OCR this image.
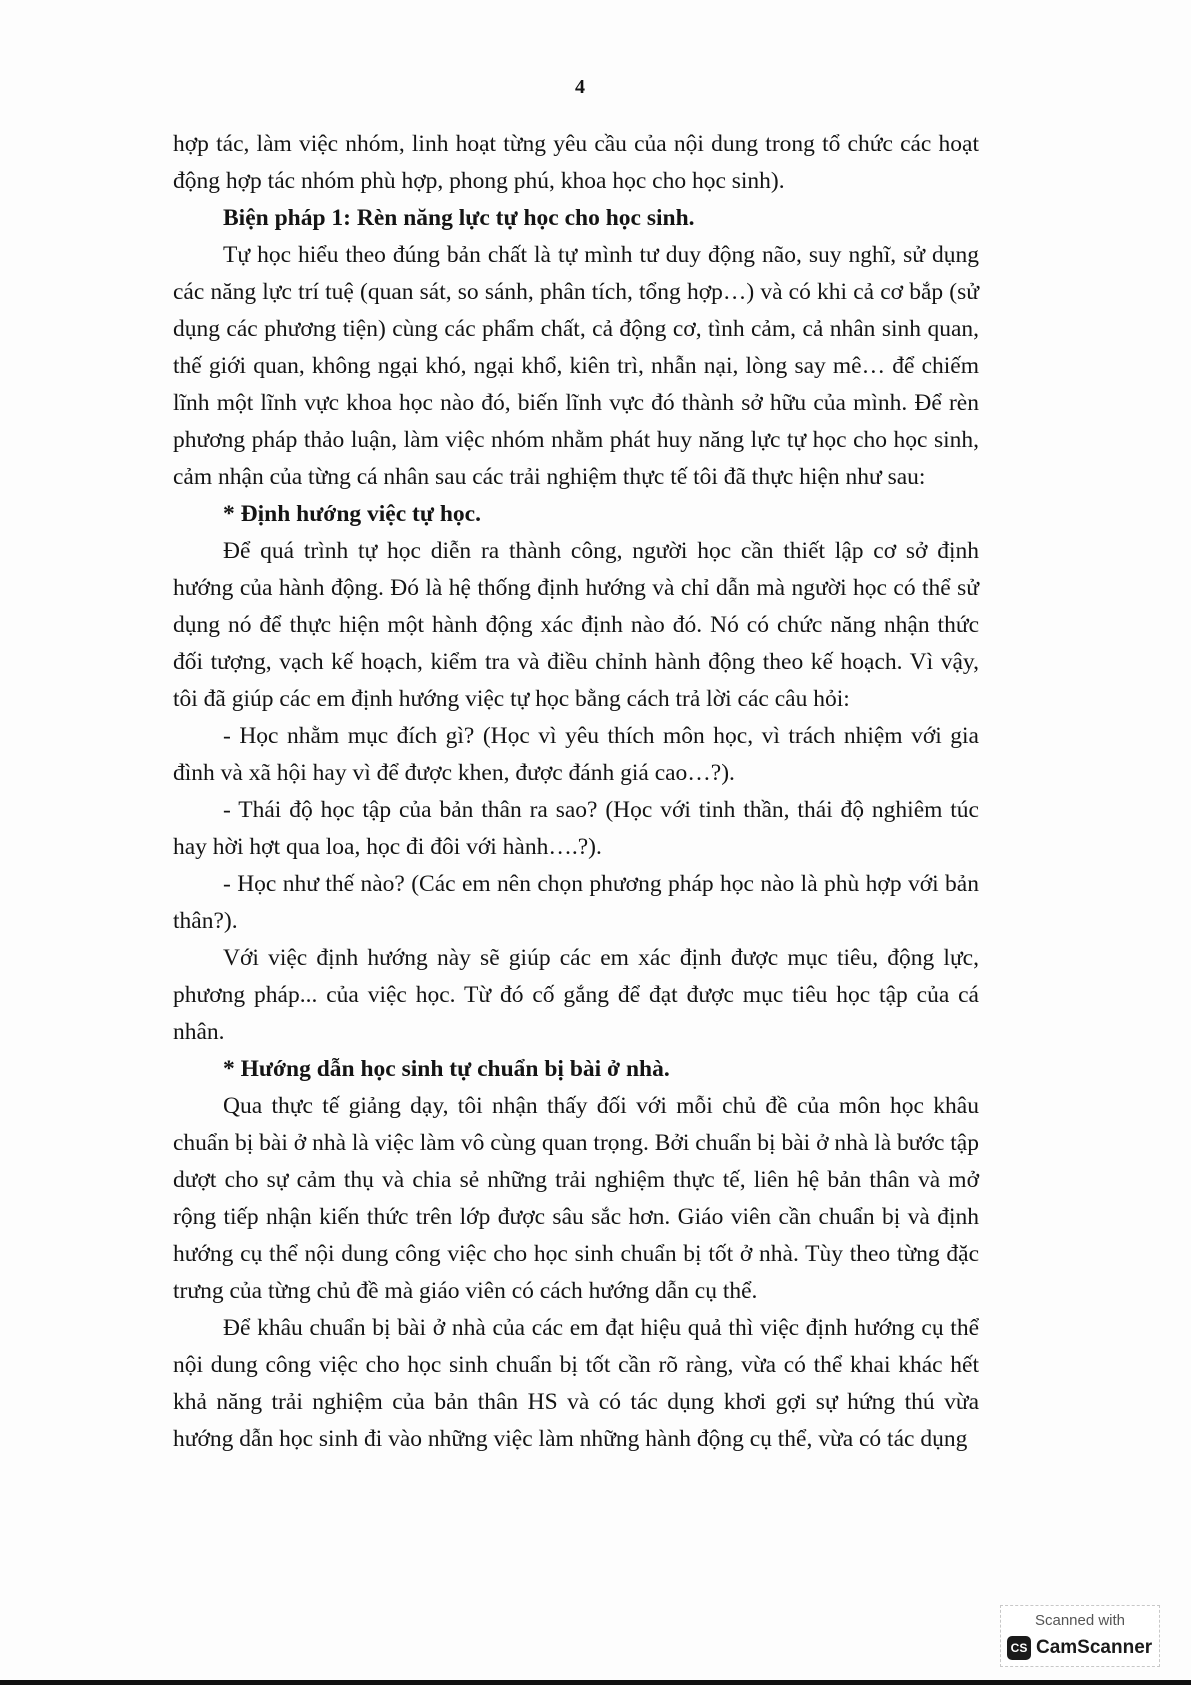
4

hợp tác, làm việc nhóm, linh hoạt từng yêu cầu của nội dung trong tổ chức các hoạt động hợp tác nhóm phù hợp, phong phú, khoa học cho học sinh).

Biện pháp 1: Rèn năng lực tự học cho học sinh.

Tự học hiểu theo đúng bản chất là tự mình tư duy động não, suy nghĩ, sử dụng các năng lực trí tuệ (quan sát, so sánh, phân tích, tổng hợp…) và có khi cả cơ bắp (sử dụng các phương tiện) cùng các phẩm chất, cả động cơ, tình cảm, cả nhân sinh quan, thế giới quan, không ngại khó, ngại khổ, kiên trì, nhẫn nại, lòng say mê… để chiếm lĩnh một lĩnh vực khoa học nào đó, biến lĩnh vực đó thành sở hữu của mình. Để rèn phương pháp thảo luận, làm việc nhóm nhằm phát huy năng lực tự học cho học sinh, cảm nhận của từng cá nhân sau các trải nghiệm thực tế tôi đã thực hiện như sau:

* Định hướng việc tự học.

Để quá trình tự học diễn ra thành công, người học cần thiết lập cơ sở định hướng của hành động. Đó là hệ thống định hướng và chỉ dẫn mà người học có thể sử dụng nó để thực hiện một hành động xác định nào đó. Nó có chức năng nhận thức đối tượng, vạch kế hoạch, kiểm tra và điều chỉnh hành động theo kế hoạch. Vì vậy, tôi đã giúp các em định hướng việc tự học bằng cách trả lời các câu hỏi:

- Học nhằm mục đích gì? (Học vì yêu thích môn học, vì trách nhiệm với gia đình và xã hội hay vì để được khen, được đánh giá cao…?).

- Thái độ học tập của bản thân ra sao? (Học với tinh thần, thái độ nghiêm túc hay hời hợt qua loa, học đi đôi với hành….?).

- Học như thế nào? (Các em nên chọn phương pháp học nào là phù hợp với bản thân?).

Với việc định hướng này sẽ giúp các em xác định được mục tiêu, động lực, phương pháp... của việc học. Từ đó cố gắng để đạt được mục tiêu học tập của cá nhân.

* Hướng dẫn học sinh tự chuẩn bị bài ở nhà.

Qua thực tế giảng dạy, tôi nhận thấy đối với mỗi chủ đề của môn học khâu chuẩn bị bài ở nhà là việc làm vô cùng quan trọng. Bởi chuẩn bị bài ở nhà là bước tập dượt cho sự cảm thụ và chia sẻ những trải nghiệm thực tế, liên hệ bản thân và mở rộng tiếp nhận kiến thức trên lớp được sâu sắc hơn. Giáo viên cần chuẩn bị và định hướng cụ thể nội dung công việc cho học sinh chuẩn bị tốt ở nhà. Tùy theo từng đặc trưng của từng chủ đề mà giáo viên có cách hướng dẫn cụ thể.

Để khâu chuẩn bị bài ở nhà của các em đạt hiệu quả thì việc định hướng cụ thể nội dung công việc cho học sinh chuẩn bị tốt cần rõ ràng, vừa có thể khai khác hết khả năng trải nghiệm của bản thân HS và có tác dụng khơi gợi sự hứng thú vừa hướng dẫn học sinh đi vào những việc làm những hành động cụ thể, vừa có tác dụng

Scanned with
CS CamScanner
